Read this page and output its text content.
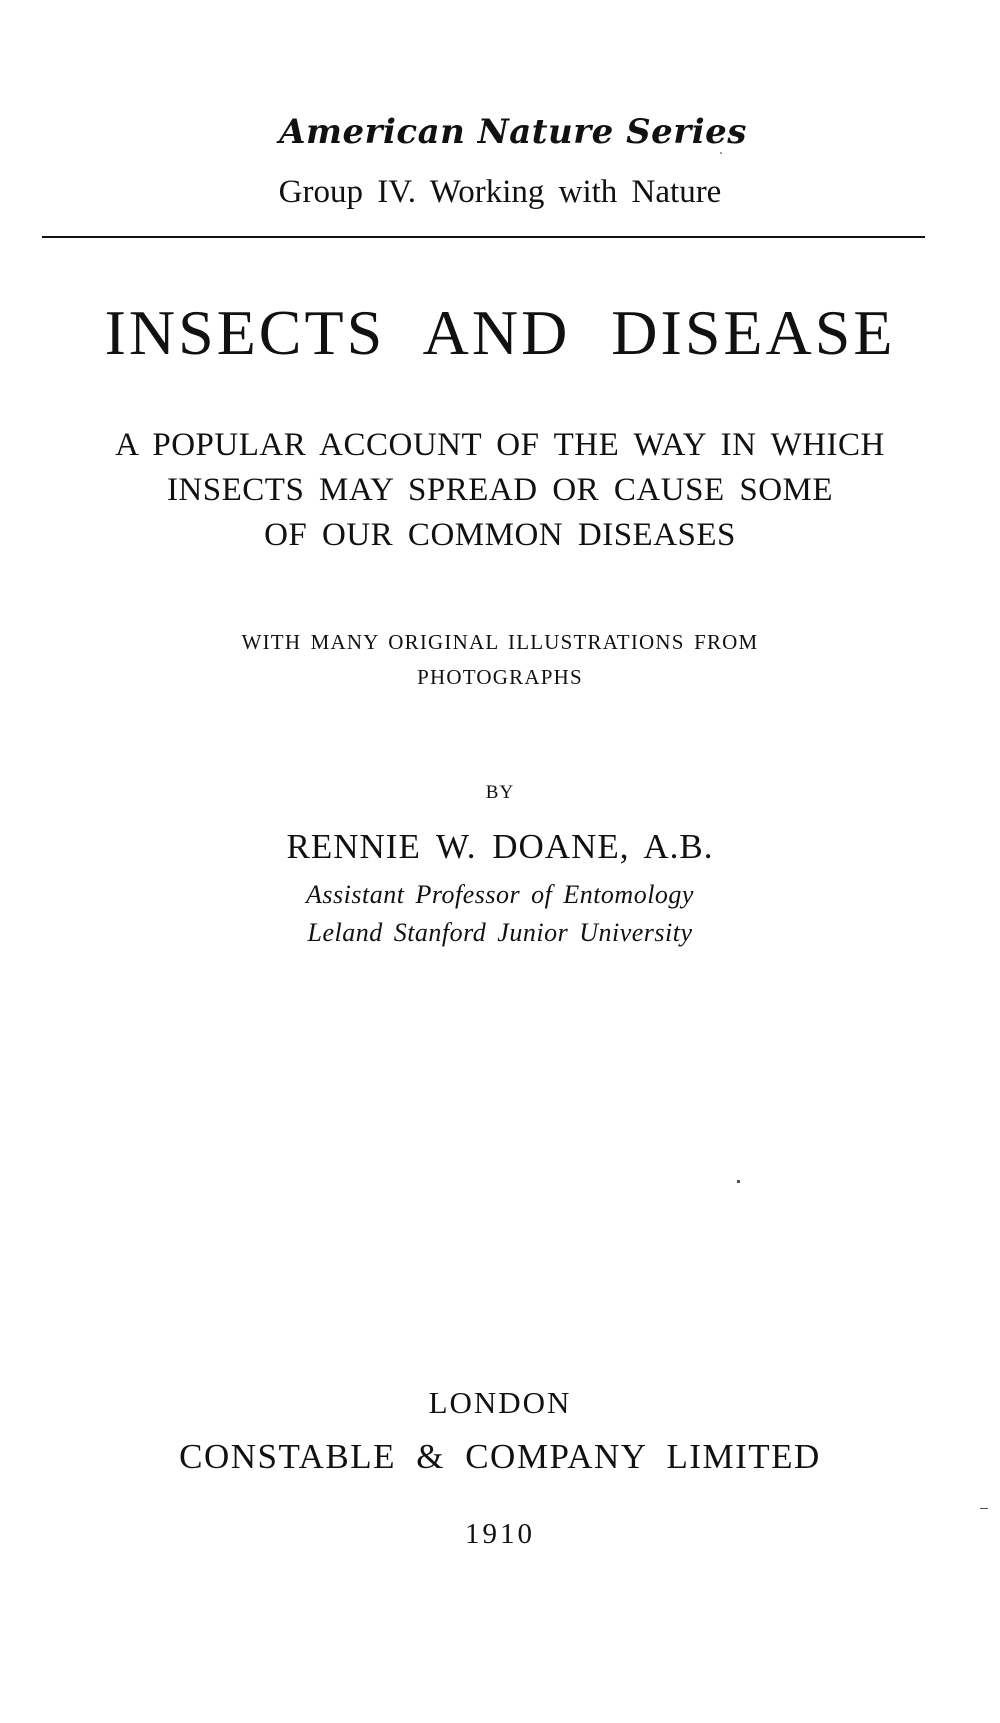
American Nature Series
Group IV. Working with Nature
INSECTS AND DISEASE
A POPULAR ACCOUNT OF THE WAY IN WHICH
INSECTS MAY SPREAD OR CAUSE SOME
OF OUR COMMON DISEASES
WITH MANY ORIGINAL ILLUSTRATIONS FROM
PHOTOGRAPHS
BY
RENNIE W. DOANE, A.B.
Assistant Professor of Entomology
Leland Stanford Junior University
LONDON
CONSTABLE & COMPANY LIMITED
1910
